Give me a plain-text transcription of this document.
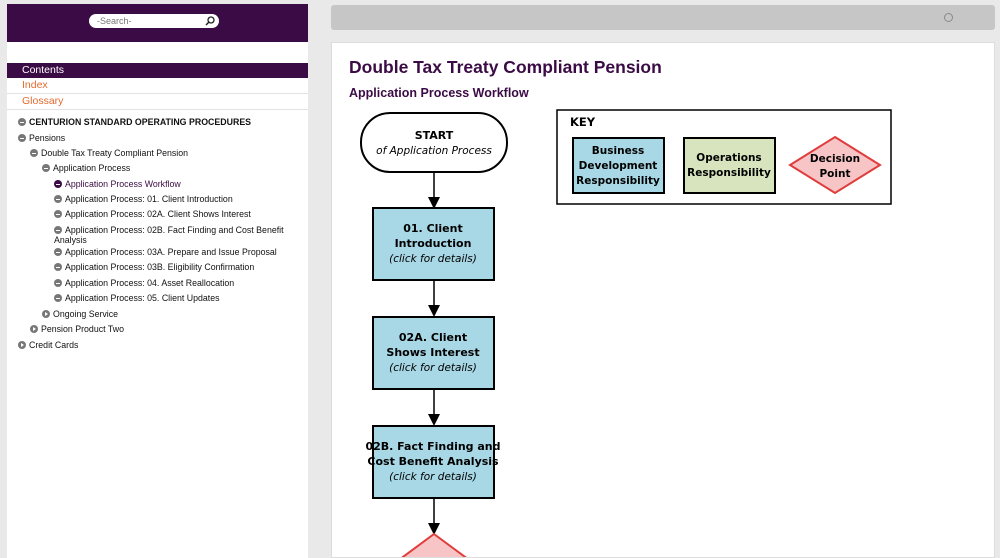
-Search-
Contents
Index
Glossary
CENTURION STANDARD OPERATING PROCEDURES
Pensions
Double Tax Treaty Compliant Pension
Application Process
Application Process Workflow
Application Process: 01. Client Introduction
Application Process: 02A. Client Shows Interest
Application Process: 02B. Fact Finding and Cost Benefit Analysis
Application Process: 03A. Prepare and Issue Proposal
Application Process: 03B. Eligibility Confirmation
Application Process: 04. Asset Reallocation
Application Process: 05. Client Updates
Ongoing Service
Pension Product Two
Credit Cards
Double Tax Treaty Compliant Pension
Application Process Workflow
START
of Application Process
01. Client
Introduction
(click for details)
02A. Client
Shows Interest
(click for details)
02B. Fact Finding and
Cost Benefit Analysis
(click for details)
KEY
Business
Development
Responsibility
Operations
Responsibility
Decision
Point
